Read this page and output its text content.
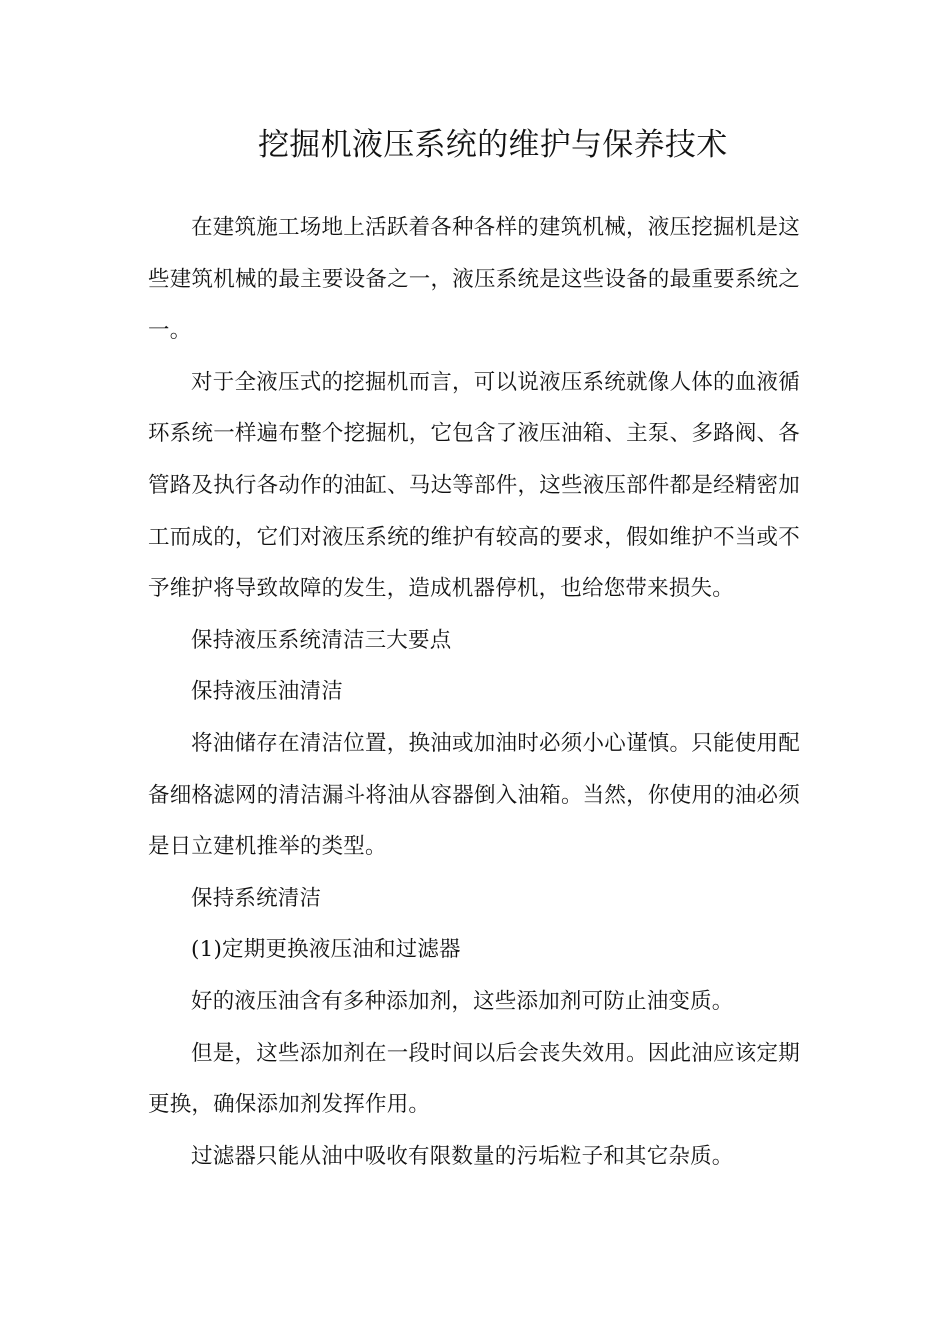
挖掘机液压系统的维护与保养技术

在建筑施工场地上活跃着各种各样的建筑机械，液压挖掘机是这些建筑机械的最主要设备之一，液压系统是这些设备的最重要系统之一。

对于全液压式的挖掘机而言，可以说液压系统就像人体的血液循环系统一样遍布整个挖掘机，它包含了液压油箱、主泵、多路阀、各管路及执行各动作的油缸、马达等部件，这些液压部件都是经精密加工而成的，它们对液压系统的维护有较高的要求，假如维护不当或不予维护将导致故障的发生，造成机器停机，也给您带来损失。

保持液压系统清洁三大要点

保持液压油清洁

将油储存在清洁位置，换油或加油时必须小心谨慎。只能使用配备细格滤网的清洁漏斗将油从容器倒入油箱。当然，你使用的油必须是日立建机推举的类型。

保持系统清洁

(1)定期更换液压油和过滤器

好的液压油含有多种添加剂，这些添加剂可防止油变质。

但是，这些添加剂在一段时间以后会丧失效用。因此油应该定期更换，确保添加剂发挥作用。

过滤器只能从油中吸收有限数量的污垢粒子和其它杂质。
